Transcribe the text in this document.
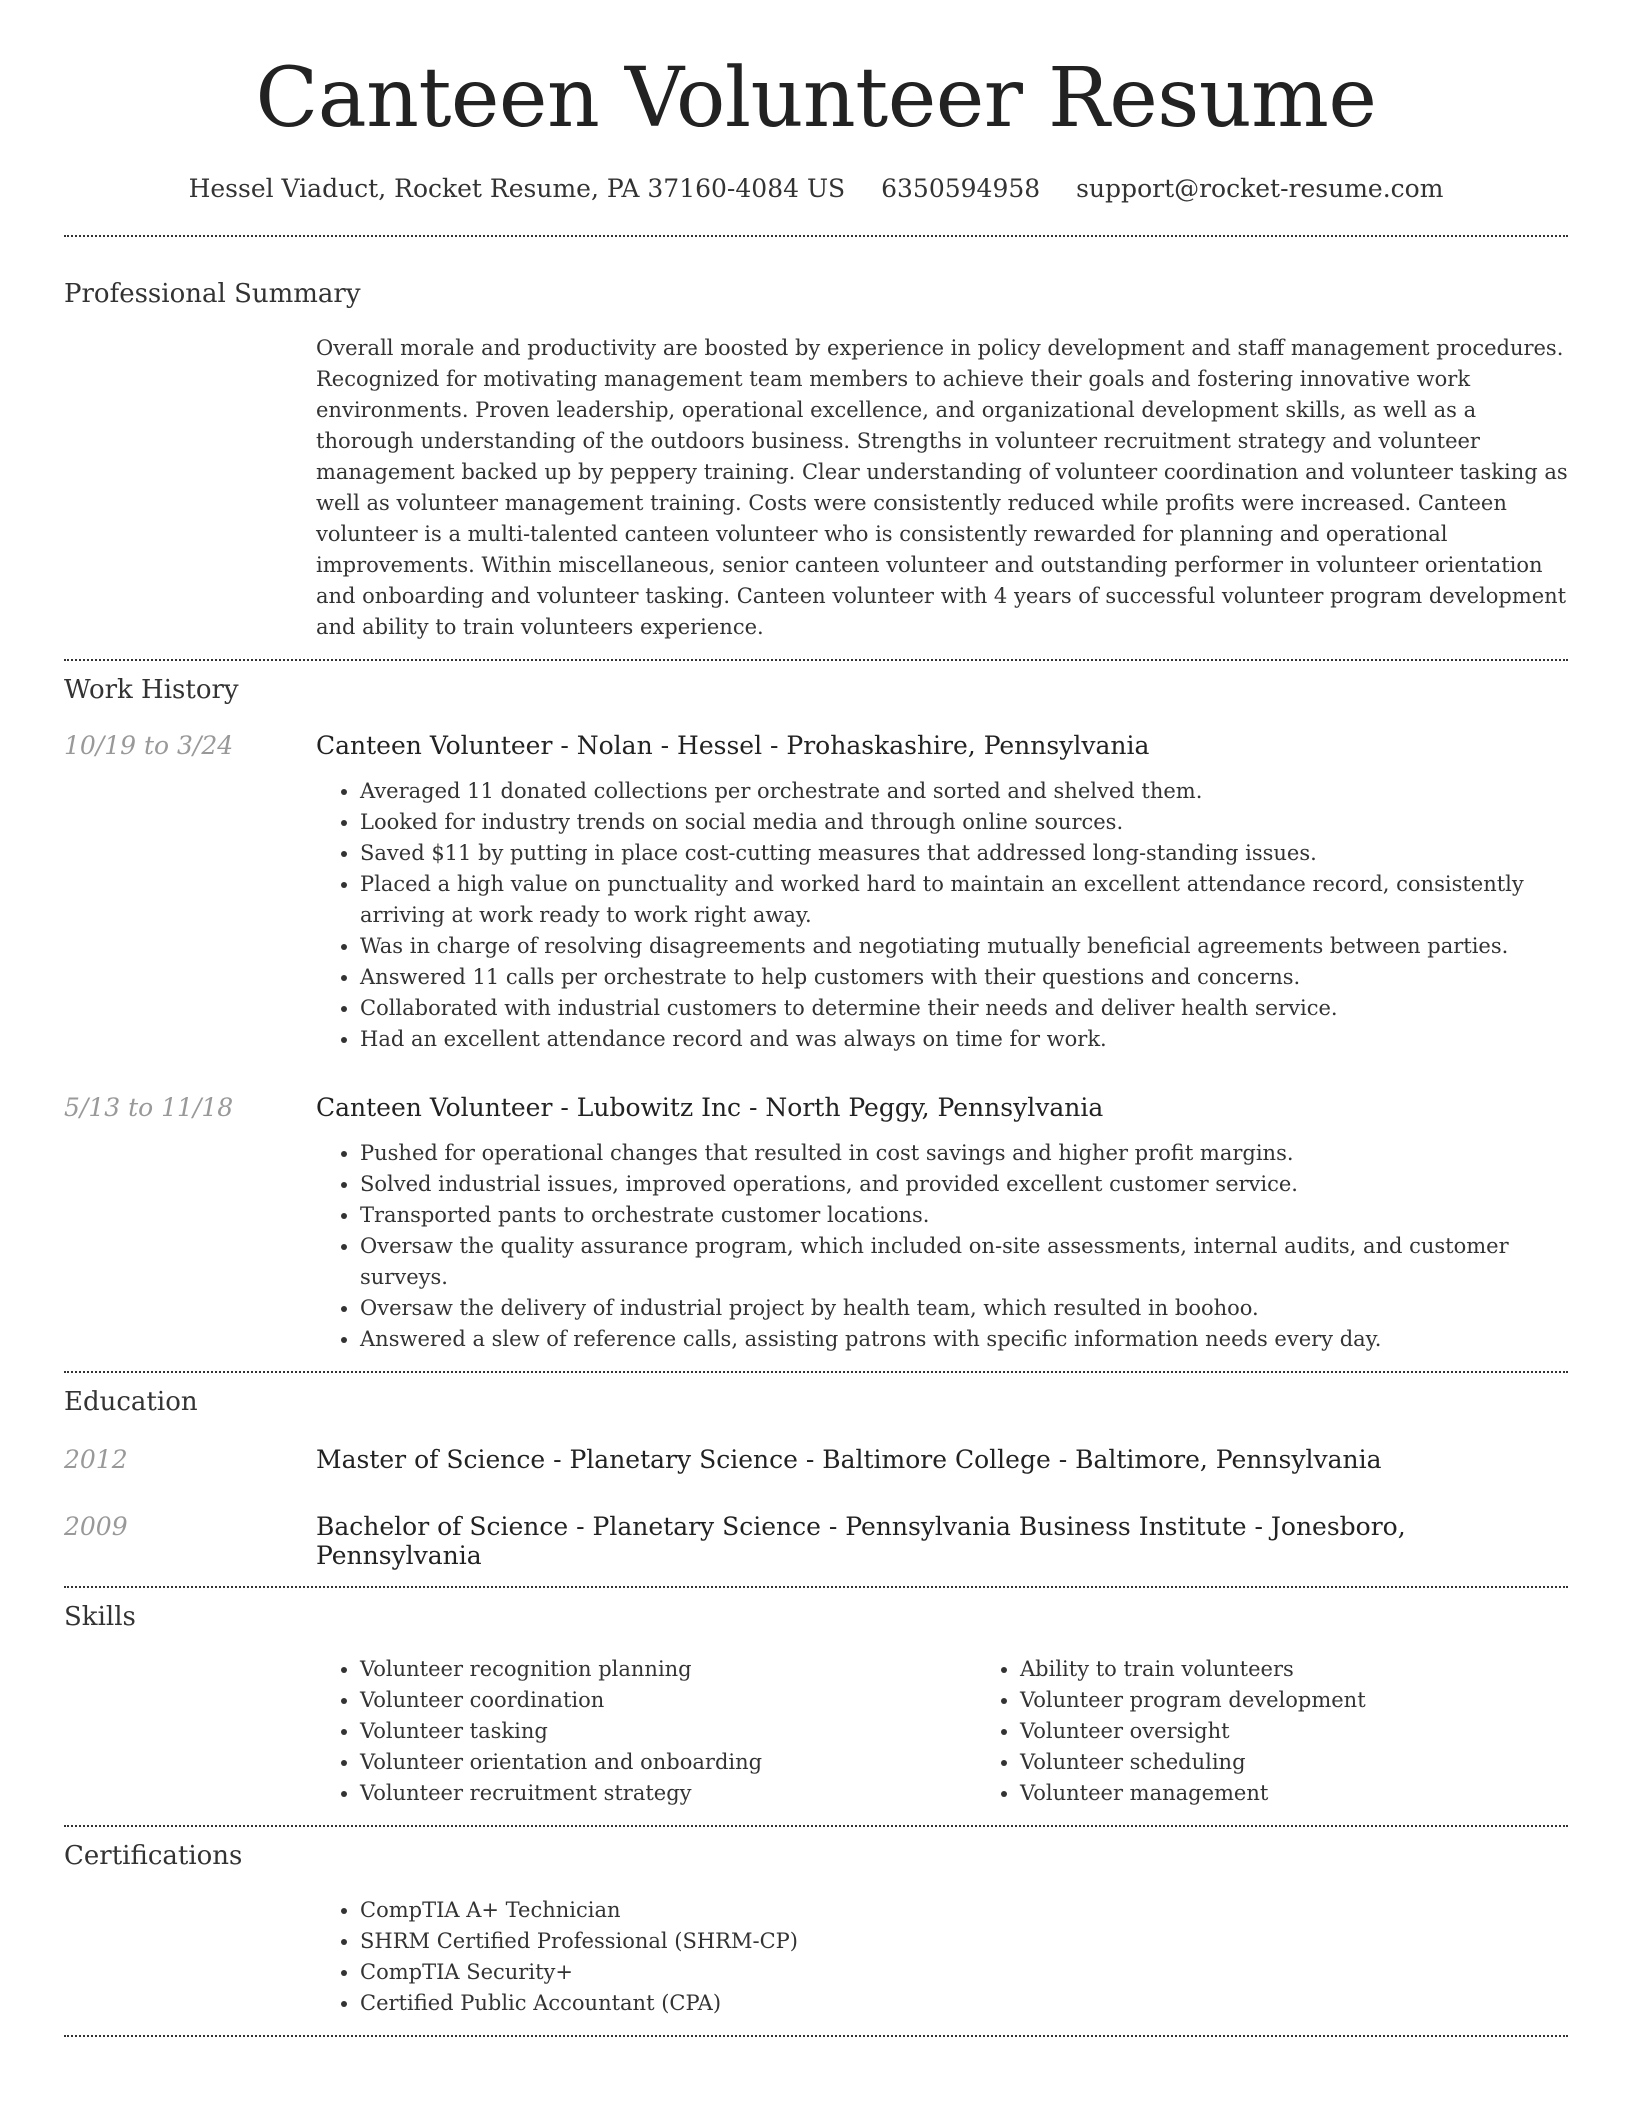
Canteen Volunteer Resume
Hessel Viaduct, Rocket Resume, PA 37160-4084 US 6350594958 support@rocket-resume.com
Professional Summary

Overall morale and productivity are boosted by experience in policy development and staff management procedures. Recognized for motivating management team members to achieve their goals and fostering innovative work environments. Proven leadership, operational excellence, and organizational development skills, as well as a thorough understanding of the outdoors business. Strengths in volunteer recruitment strategy and volunteer management backed up by peppery training. Clear understanding of volunteer coordination and volunteer tasking as well as volunteer management training. Costs were consistently reduced while profits were increased. Canteen volunteer is a multi-talented canteen volunteer who is consistently rewarded for planning and operational improvements. Within miscellaneous, senior canteen volunteer and outstanding performer in volunteer orientation and onboarding and volunteer tasking. Canteen volunteer with 4 years of successful volunteer program development and ability to train volunteers experience.

Work History
10/19 to 3/24	Canteen Volunteer - Nolan - Hessel - Prohaskashire, Pennsylvania
• Averaged 11 donated collections per orchestrate and sorted and shelved them.
• Looked for industry trends on social media and through online sources.
• Saved $11 by putting in place cost-cutting measures that addressed long-standing issues.
• Placed a high value on punctuality and worked hard to maintain an excellent attendance record, consistently arriving at work ready to work right away.
• Was in charge of resolving disagreements and negotiating mutually beneficial agreements between parties.
• Answered 11 calls per orchestrate to help customers with their questions and concerns.
• Collaborated with industrial customers to determine their needs and deliver health service.
• Had an excellent attendance record and was always on time for work.
5/13 to 11/18	Canteen Volunteer - Lubowitz Inc - North Peggy, Pennsylvania
• Pushed for operational changes that resulted in cost savings and higher profit margins.
• Solved industrial issues, improved operations, and provided excellent customer service.
• Transported pants to orchestrate customer locations.
• Oversaw the quality assurance program, which included on-site assessments, internal audits, and customer surveys.
• Oversaw the delivery of industrial project by health team, which resulted in boohoo.
• Answered a slew of reference calls, assisting patrons with specific information needs every day.
Education
2012	Master of Science - Planetary Science - Baltimore College - Baltimore, Pennsylvania
2009	Bachelor of Science - Planetary Science - Pennsylvania Business Institute - Jonesboro, Pennsylvania
Skills
• Volunteer recognition planning
• Volunteer coordination
• Volunteer tasking
• Volunteer orientation and onboarding
• Volunteer recruitment strategy
• Ability to train volunteers
• Volunteer program development
• Volunteer oversight
• Volunteer scheduling
• Volunteer management
Certifications
• CompTIA A+ Technician
• SHRM Certified Professional (SHRM-CP)
• CompTIA Security+
• Certified Public Accountant (CPA)
